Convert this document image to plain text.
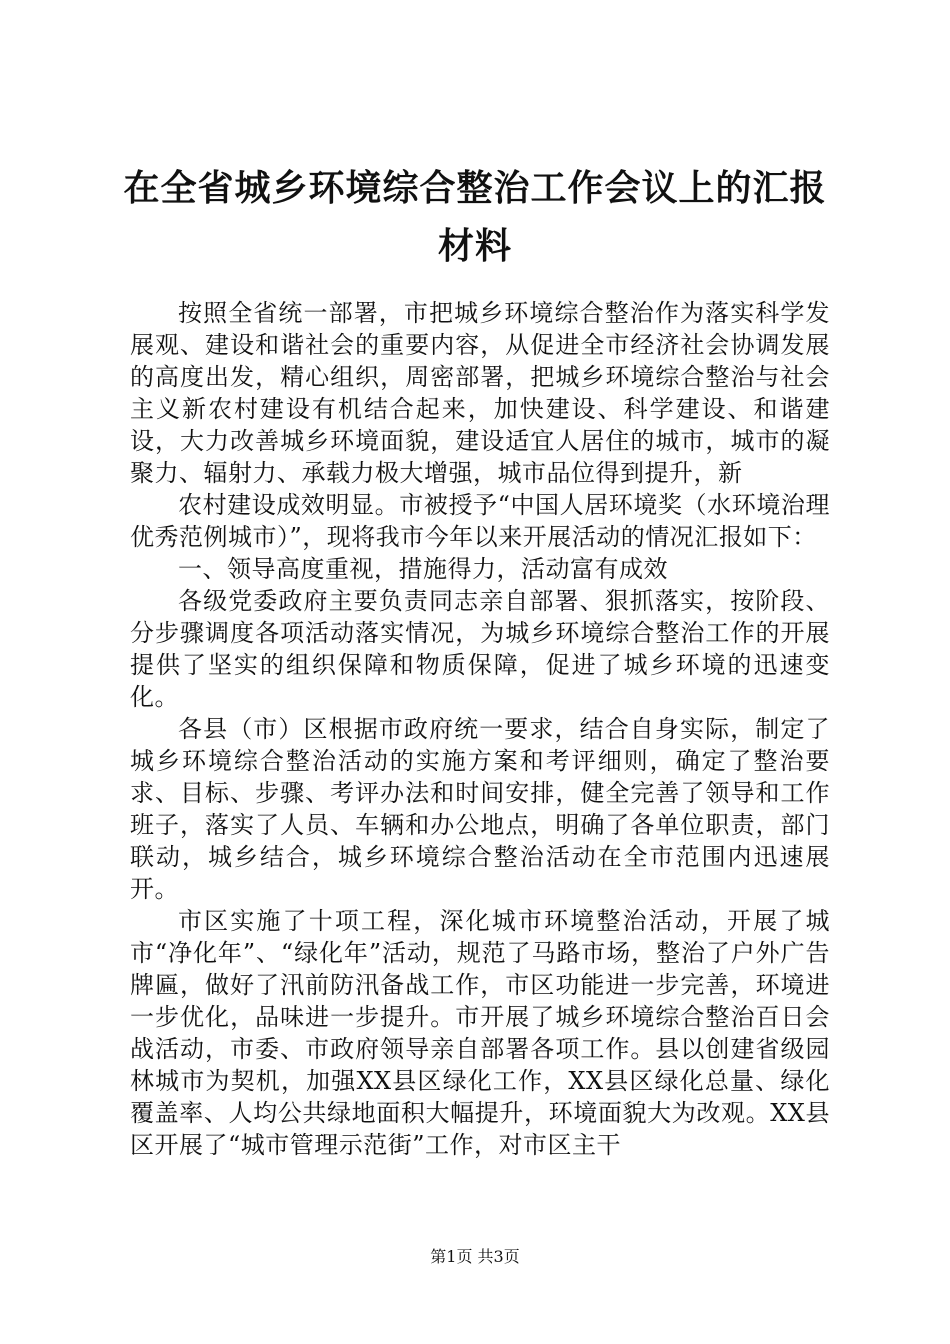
在全省城乡环境综合整治工作会议上的汇报材料

按照全省统一部署，市把城乡环境综合整治作为落实科学发展观、建设和谐社会的重要内容，从促进全市经济社会协调发展的高度出发，精心组织，周密部署，把城乡环境综合整治与社会主义新农村建设有机结合起来，加快建设、科学建设、和谐建设，大力改善城乡环境面貌，建设适宜人居住的城市，城市的凝聚力、辐射力、承载力极大增强，城市品位得到提升，新

农村建设成效明显。市被授予“中国人居环境奖（水环境治理优秀范例城市）”，现将我市今年以来开展活动的情况汇报如下：

一、领导高度重视，措施得力，活动富有成效

各级党委政府主要负责同志亲自部署、狠抓落实，按阶段、分步骤调度各项活动落实情况，为城乡环境综合整治工作的开展提供了坚实的组织保障和物质保障，促进了城乡环境的迅速变化。

各县（市）区根据市政府统一要求，结合自身实际，制定了城乡环境综合整治活动的实施方案和考评细则，确定了整治要求、目标、步骤、考评办法和时间安排，健全完善了领导和工作班子，落实了人员、车辆和办公地点，明确了各单位职责，部门联动，城乡结合，城乡环境综合整治活动在全市范围内迅速展开。

市区实施了十项工程，深化城市环境整治活动，开展了城市“净化年”、“绿化年”活动，规范了马路市场，整治了户外广告牌匾，做好了汛前防汛备战工作，市区功能进一步完善，环境进一步优化，品味进一步提升。市开展了城乡环境综合整治百日会战活动，市委、市政府领导亲自部署各项工作。县以创建省级园林城市为契机，加强XX县区绿化工作，XX县区绿化总量、绿化覆盖率、人均公共绿地面积大幅提升，环境面貌大为改观。XX县区开展了“城市管理示范街”工作，对市区主干

第1页 共3页
